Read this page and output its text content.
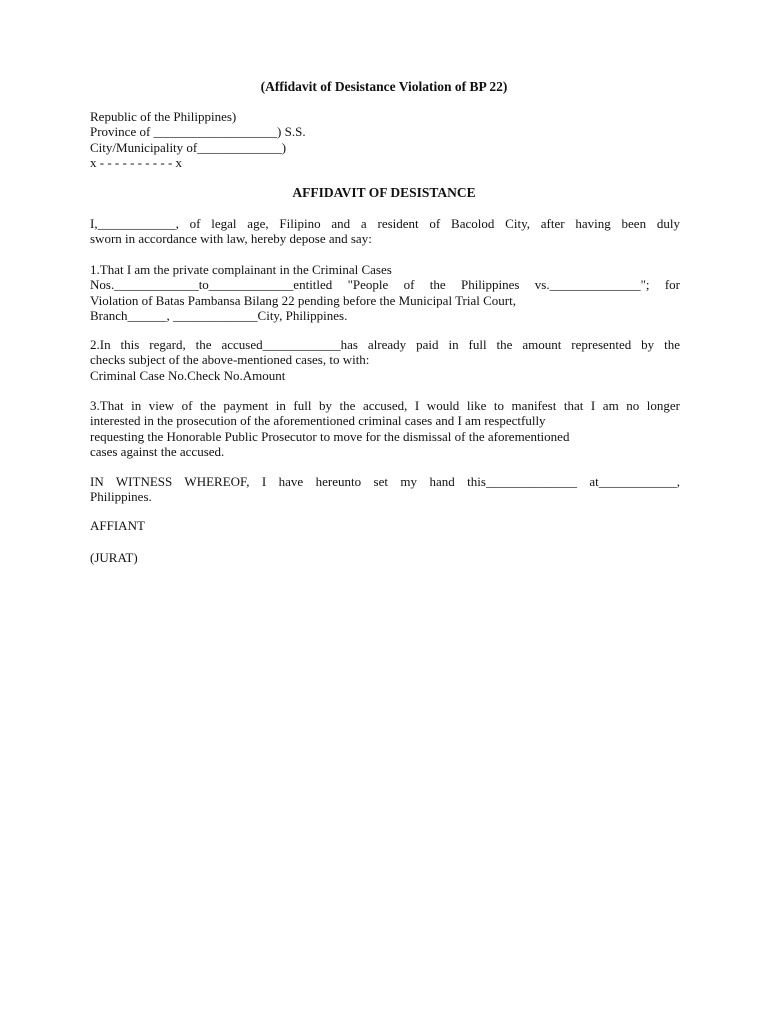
(Affidavit of Desistance Violation of BP 22)
Republic of the Philippines)
Province of ___________________) S.S.
City/Municipality of_____________)
x - - - - - - - - - - x
AFFIDAVIT OF DESISTANCE
I,____________, of legal age, Filipino and a resident of Bacolod City, after having been duly
sworn in accordance with law, hereby depose and say:
1.That I am the private complainant in the Criminal Cases
Nos._____________to_____________entitled "People of the Philippines vs.______________"; for
Violation of Batas Pambansa Bilang 22 pending before the Municipal Trial Court,
Branch______, _____________City, Philippines.
2.In this regard, the accused____________has already paid in full the amount represented by the
checks subject of the above-mentioned cases, to with:
Criminal Case No.Check No.Amount
3.That in view of the payment in full by the accused, I would like to manifest that I am no longer
interested in the prosecution of the aforementioned criminal cases and I am respectfully
requesting the Honorable Public Prosecutor to move for the dismissal of the aforementioned
cases against the accused.
IN WITNESS WHEREOF, I have hereunto set my hand this______________ at____________,
Philippines.
AFFIANT
(JURAT)
